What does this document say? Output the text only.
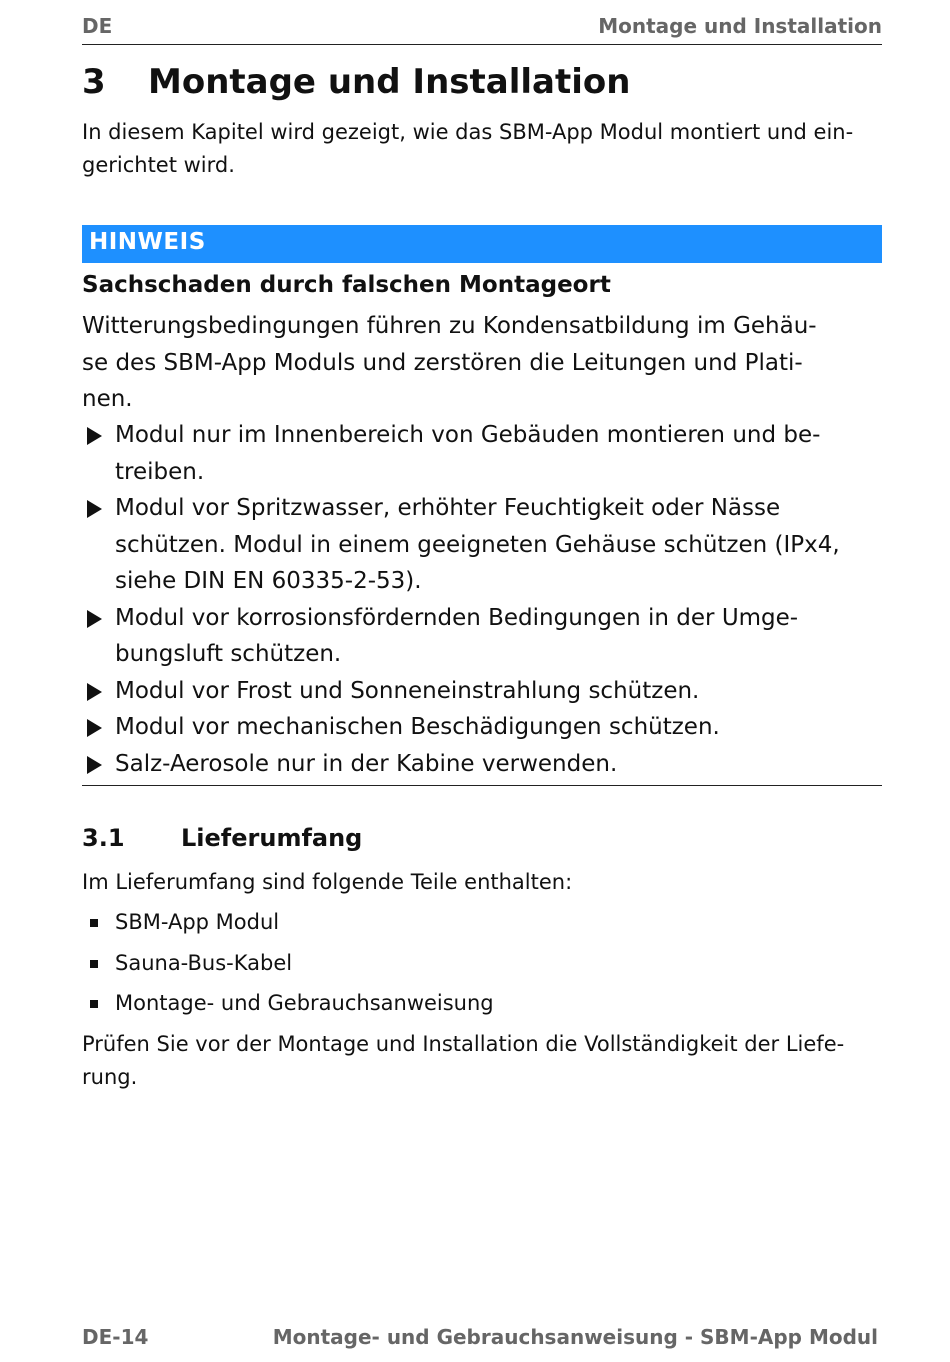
DE	Montage und Installation
3 Montage und Installation
In diesem Kapitel wird gezeigt, wie das SBM-App Modul montiert und ein-
gerichtet wird.
HINWEIS
Sachschaden durch falschen Montageort
Witterungsbedingungen führen zu Kondensatbildung im Gehäu-
se des SBM-App Moduls und zerstören die Leitungen und Plati-
nen.
Modul nur im Innenbereich von Gebäuden montieren und be-
treiben.
Modul vor Spritzwasser, erhöhter Feuchtigkeit oder Nässe
schützen. Modul in einem geeigneten Gehäuse schützen (IPx4,
siehe DIN EN 60335-2-53).
Modul vor korrosionsfördernden Bedingungen in der Umge-
bungsluft schützen.
Modul vor Frost und Sonneneinstrahlung schützen.
Modul vor mechanischen Beschädigungen schützen.
Salz-Aerosole nur in der Kabine verwenden.
3.1 Lieferumfang
Im Lieferumfang sind folgende Teile enthalten:
SBM-App Modul
Sauna-Bus-Kabel
Montage- und Gebrauchsanweisung
Prüfen Sie vor der Montage und Installation die Vollständigkeit der Liefe-
rung.
DE-14	Montage- und Gebrauchsanweisung - SBM-App Modul
